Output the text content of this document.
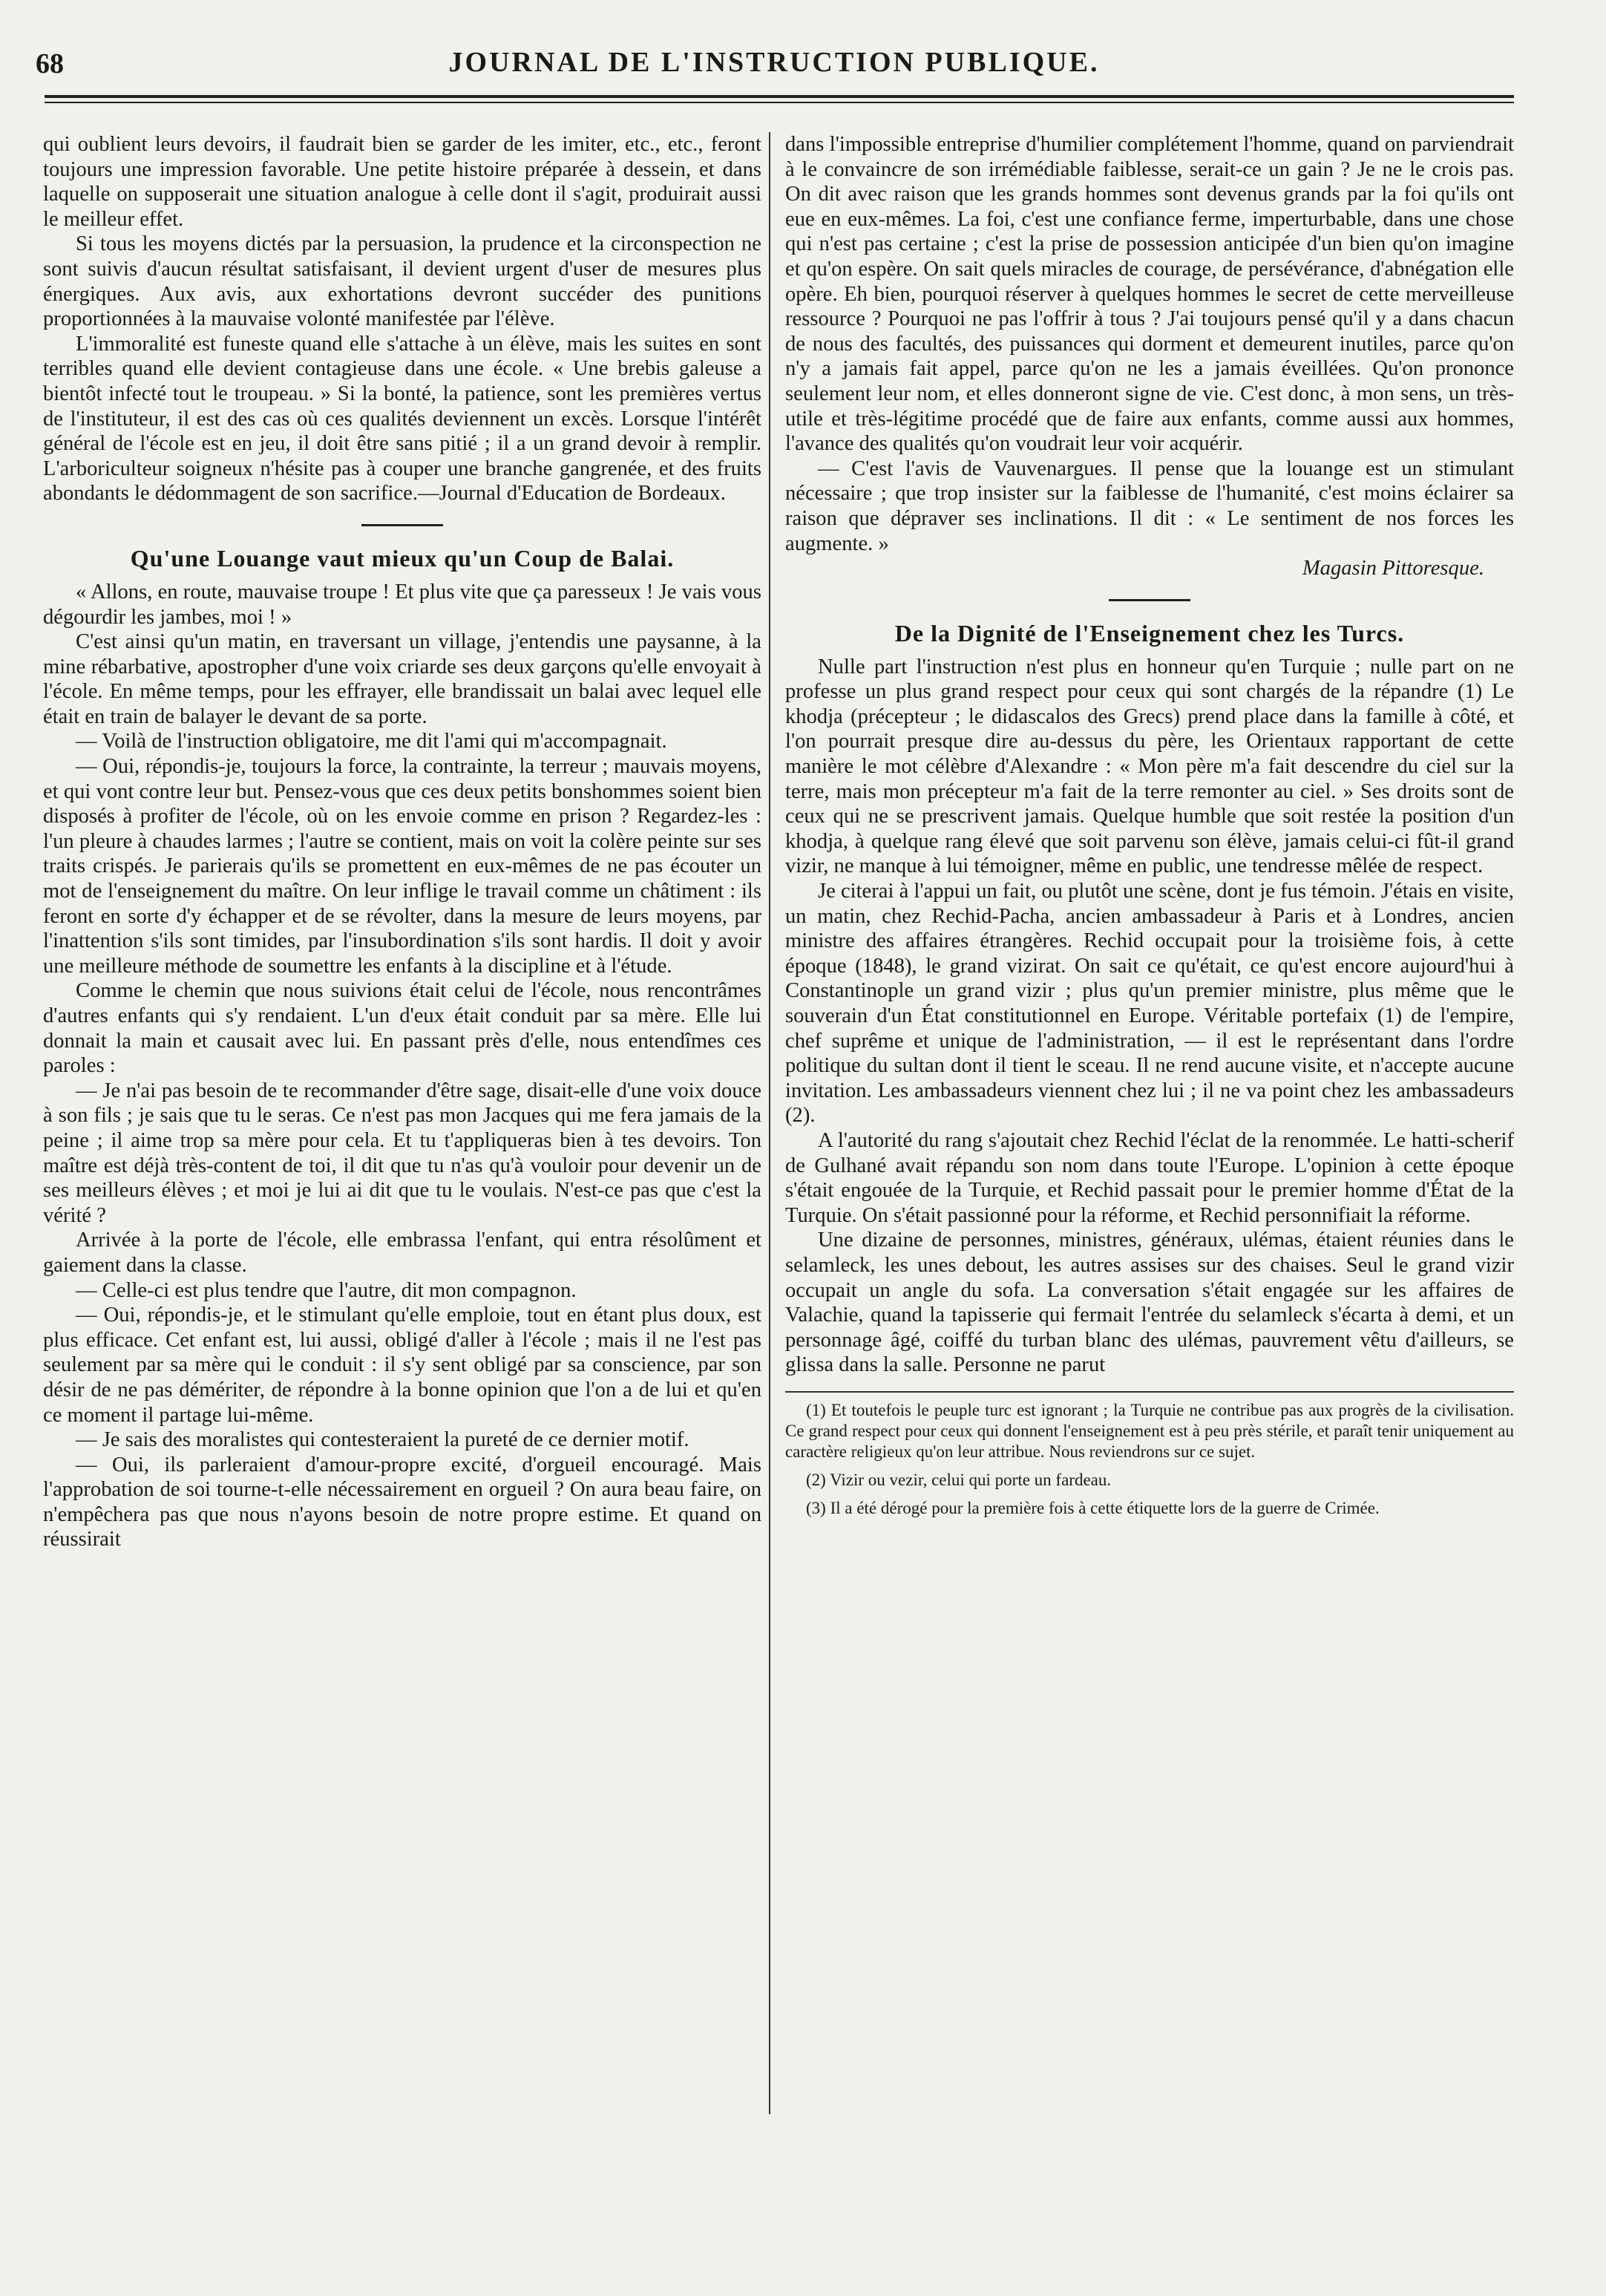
68	JOURNAL DE L'INSTRUCTION PUBLIQUE.

qui oublient leurs devoirs, il faudrait bien se garder de les imiter, etc., etc., feront toujours une impression favorable. Une petite histoire préparée à dessein, et dans laquelle on supposerait une situation analogue à celle dont il s'agit, produirait aussi le meilleur effet.

Si tous les moyens dictés par la persuasion, la prudence et la circonspection ne sont suivis d'aucun résultat satisfaisant, il devient urgent d'user de mesures plus énergiques. Aux avis, aux exhortations devront succéder des punitions proportionnées à la mauvaise volonté manifestée par l'élève.

L'immoralité est funeste quand elle s'attache à un élève, mais les suites en sont terribles quand elle devient contagieuse dans une école. « Une brebis galeuse a bientôt infecté tout le troupeau. » Si la bonté, la patience, sont les premières vertus de l'instituteur, il est des cas où ces qualités deviennent un excès. Lorsque l'intérêt général de l'école est en jeu, il doit être sans pitié ; il a un grand devoir à remplir. L'arboriculteur soigneux n'hésite pas à couper une branche gangrenée, et des fruits abondants le dédommagent de son sacrifice.—Journal d'Education de Bordeaux.

Qu'une Louange vaut mieux qu'un Coup de Balai.

« Allons, en route, mauvaise troupe ! Et plus vite que ça paresseux ! Je vais vous dégourdir les jambes, moi ! »

C'est ainsi qu'un matin, en traversant un village, j'entendis une paysanne, à la mine rébarbative, apostropher d'une voix criarde ses deux garçons qu'elle envoyait à l'école. En même temps, pour les effrayer, elle brandissait un balai avec lequel elle était en train de balayer le devant de sa porte.

— Voilà de l'instruction obligatoire, me dit l'ami qui m'accompagnait.

— Oui, répondis-je, toujours la force, la contrainte, la terreur ; mauvais moyens, et qui vont contre leur but. Pensez-vous que ces deux petits bonshommes soient bien disposés à profiter de l'école, où on les envoie comme en prison ? Regardez-les : l'un pleure à chaudes larmes ; l'autre se contient, mais on voit la colère peinte sur ses traits crispés. Je parierais qu'ils se promettent en eux-mêmes de ne pas écouter un mot de l'enseignement du maître. On leur inflige le travail comme un châtiment : ils feront en sorte d'y échapper et de se révolter, dans la mesure de leurs moyens, par l'inattention s'ils sont timides, par l'insubordination s'ils sont hardis. Il doit y avoir une meilleure méthode de soumettre les enfants à la discipline et à l'étude.

Comme le chemin que nous suivions était celui de l'école, nous rencontrâmes d'autres enfants qui s'y rendaient. L'un d'eux était conduit par sa mère. Elle lui donnait la main et causait avec lui. En passant près d'elle, nous entendîmes ces paroles :

— Je n'ai pas besoin de te recommander d'être sage, disait-elle d'une voix douce à son fils ; je sais que tu le seras. Ce n'est pas mon Jacques qui me fera jamais de la peine ; il aime trop sa mère pour cela. Et tu t'appliqueras bien à tes devoirs. Ton maître est déjà très-content de toi, il dit que tu n'as qu'à vouloir pour devenir un de ses meilleurs élèves ; et moi je lui ai dit que tu le voulais. N'est-ce pas que c'est la vérité ?

Arrivée à la porte de l'école, elle embrassa l'enfant, qui entra résolûment et gaiement dans la classe.

— Celle-ci est plus tendre que l'autre, dit mon compagnon.

— Oui, répondis-je, et le stimulant qu'elle emploie, tout en étant plus doux, est plus efficace. Cet enfant est, lui aussi, obligé d'aller à l'école ; mais il ne l'est pas seulement par sa mère qui le conduit : il s'y sent obligé par sa conscience, par son désir de ne pas démériter, de répondre à la bonne opinion que l'on a de lui et qu'en ce moment il partage lui-même.

— Je sais des moralistes qui contesteraient la pureté de ce dernier motif.

— Oui, ils parleraient d'amour-propre excité, d'orgueil encouragé. Mais l'approbation de soi tourne-t-elle nécessairement en orgueil ? On aura beau faire, on n'empêchera pas que nous n'ayons besoin de notre propre estime. Et quand on réussirait

dans l'impossible entreprise d'humilier complétement l'homme, quand on parviendrait à le convaincre de son irrémédiable faiblesse, serait-ce un gain ? Je ne le crois pas. On dit avec raison que les grands hommes sont devenus grands par la foi qu'ils ont eue en eux-mêmes. La foi, c'est une confiance ferme, imperturbable, dans une chose qui n'est pas certaine ; c'est la prise de possession anticipée d'un bien qu'on imagine et qu'on espère. On sait quels miracles de courage, de persévérance, d'abnégation elle opère. Eh bien, pourquoi réserver à quelques hommes le secret de cette merveilleuse ressource ? Pourquoi ne pas l'offrir à tous ? J'ai toujours pensé qu'il y a dans chacun de nous des facultés, des puissances qui dorment et demeurent inutiles, parce qu'on n'y a jamais fait appel, parce qu'on ne les a jamais éveillées. Qu'on prononce seulement leur nom, et elles donneront signe de vie. C'est donc, à mon sens, un très-utile et très-légitime procédé que de faire aux enfants, comme aussi aux hommes, l'avance des qualités qu'on voudrait leur voir acquérir.

— C'est l'avis de Vauvenargues. Il pense que la louange est un stimulant nécessaire ; que trop insister sur la faiblesse de l'humanité, c'est moins éclairer sa raison que dépraver ses inclinations. Il dit : « Le sentiment de nos forces les augmente. »

Magasin Pittoresque.
De la Dignité de l'Enseignement chez les Turcs.

Nulle part l'instruction n'est plus en honneur qu'en Turquie ; nulle part on ne professe un plus grand respect pour ceux qui sont chargés de la répandre (1) Le khodja (précepteur ; le didascalos des Grecs) prend place dans la famille à côté, et l'on pourrait presque dire au-dessus du père, les Orientaux rapportant de cette manière le mot célèbre d'Alexandre : « Mon père m'a fait descendre du ciel sur la terre, mais mon précepteur m'a fait de la terre remonter au ciel. » Ses droits sont de ceux qui ne se prescrivent jamais. Quelque humble que soit restée la position d'un khodja, à quelque rang élevé que soit parvenu son élève, jamais celui-ci fût-il grand vizir, ne manque à lui témoigner, même en public, une tendresse mêlée de respect.

Je citerai à l'appui un fait, ou plutôt une scène, dont je fus témoin. J'étais en visite, un matin, chez Rechid-Pacha, ancien ambassadeur à Paris et à Londres, ancien ministre des affaires étrangères. Rechid occupait pour la troisième fois, à cette époque (1848), le grand vizirat. On sait ce qu'était, ce qu'est encore aujourd'hui à Constantinople un grand vizir ; plus qu'un premier ministre, plus même que le souverain d'un État constitutionnel en Europe. Véritable portefaix (1) de l'empire, chef suprême et unique de l'administration, — il est le représentant dans l'ordre politique du sultan dont il tient le sceau. Il ne rend aucune visite, et n'accepte aucune invitation. Les ambassadeurs viennent chez lui ; il ne va point chez les ambassadeurs (2).

A l'autorité du rang s'ajoutait chez Rechid l'éclat de la renommée. Le hatti-scherif de Gulhané avait répandu son nom dans toute l'Europe. L'opinion à cette époque s'était engouée de la Turquie, et Rechid passait pour le premier homme d'État de la Turquie. On s'était passionné pour la réforme, et Rechid personnifiait la réforme.

Une dizaine de personnes, ministres, généraux, ulémas, étaient réunies dans le selamleck, les unes debout, les autres assises sur des chaises. Seul le grand vizir occupait un angle du sofa. La conversation s'était engagée sur les affaires de Valachie, quand la tapisserie qui fermait l'entrée du selamleck s'écarta à demi, et un personnage âgé, coiffé du turban blanc des ulémas, pauvrement vêtu d'ailleurs, se glissa dans la salle. Personne ne parut

(1) Et toutefois le peuple turc est ignorant ; la Turquie ne contribue pas aux progrès de la civilisation. Ce grand respect pour ceux qui donnent l'enseignement est à peu près stérile, et paraît tenir uniquement au caractère religieux qu'on leur attribue. Nous reviendrons sur ce sujet.

(2) Vizir ou vezir, celui qui porte un fardeau.

(3) Il a été dérogé pour la première fois à cette étiquette lors de la guerre de Crimée.
